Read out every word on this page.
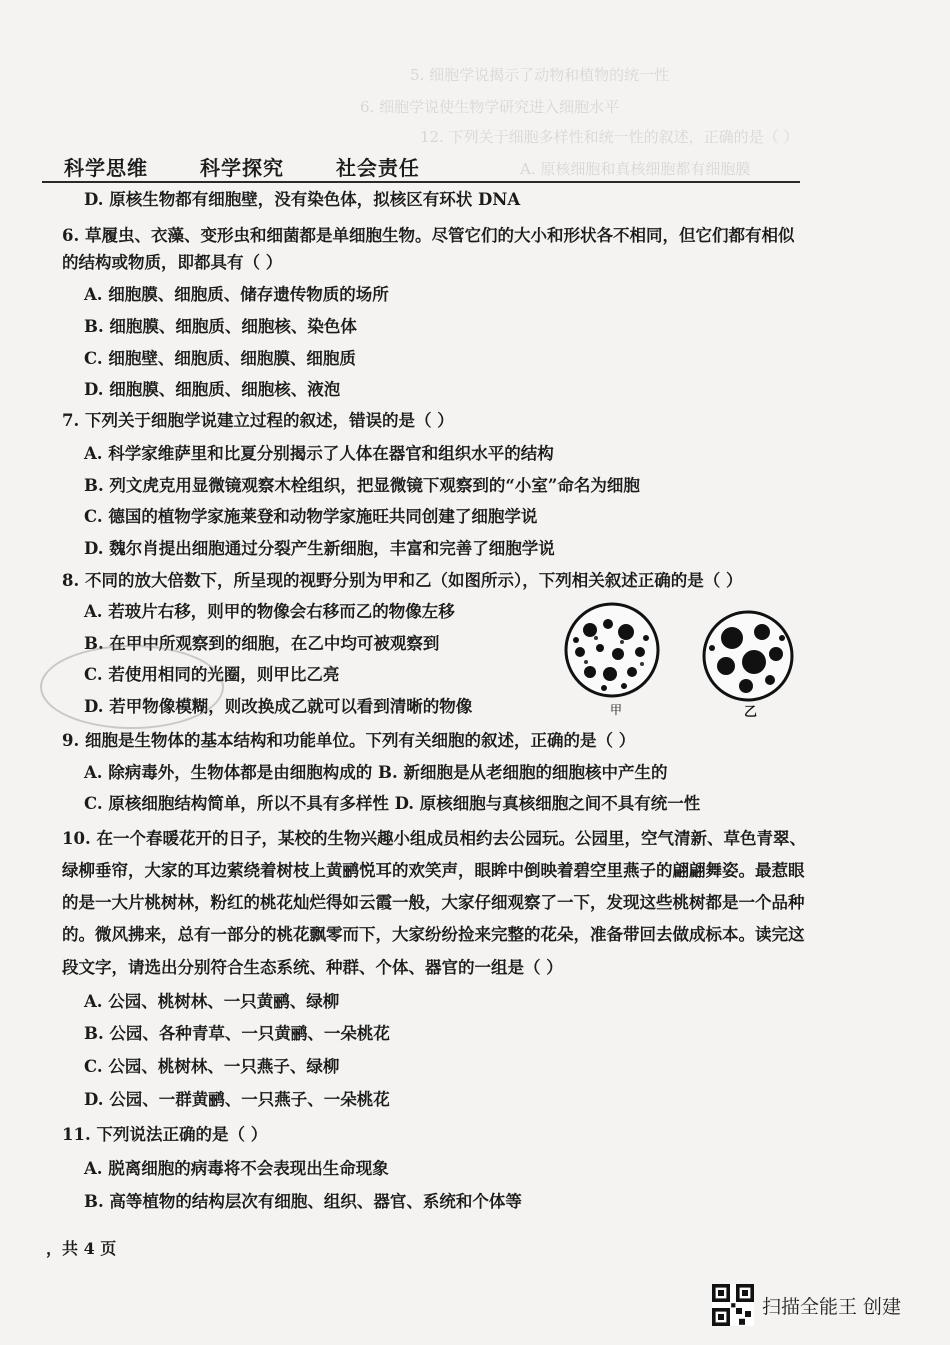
5. 细胞学说揭示了动物和植物的统一性
6. 细胞学说使生物学研究进入细胞水平
12. 下列关于细胞多样性和统一性的叙述，正确的是（ ）
A. 原核细胞和真核细胞都有细胞膜
科学思维	科学探究	社会责任
D. 原核生物都有细胞壁，没有染色体，拟核区有环状 DNA
6. 草履虫、衣藻、变形虫和细菌都是单细胞生物。尽管它们的大小和形状各不相同，但它们都有相似
的结构或物质，即都具有（ ）
A. 细胞膜、细胞质、储存遗传物质的场所
B. 细胞膜、细胞质、细胞核、染色体
C. 细胞壁、细胞质、细胞膜、细胞质
D. 细胞膜、细胞质、细胞核、液泡
7. 下列关于细胞学说建立过程的叙述，错误的是（ ）
A. 科学家维萨里和比夏分别揭示了人体在器官和组织水平的结构
B. 列文虎克用显微镜观察木栓组织，把显微镜下观察到的“小室”命名为细胞
C. 德国的植物学家施莱登和动物学家施旺共同创建了细胞学说
D. 魏尔肖提出细胞通过分裂产生新细胞，丰富和完善了细胞学说
8. 不同的放大倍数下，所呈现的视野分别为甲和乙（如图所示），下列相关叙述正确的是（ ）
A. 若玻片右移，则甲的物像会右移而乙的物像左移
B. 在甲中所观察到的细胞，在乙中均可被观察到
C. 若使用相同的光圈，则甲比乙亮
D. 若甲物像模糊，则改换成乙就可以看到清晰的物像
9. 细胞是生物体的基本结构和功能单位。下列有关细胞的叙述，正确的是（ ）
A. 除病毒外，生物体都是由细胞构成的 B. 新细胞是从老细胞的细胞核中产生的
C. 原核细胞结构简单，所以不具有多样性 D. 原核细胞与真核细胞之间不具有统一性
10. 在一个春暖花开的日子，某校的生物兴趣小组成员相约去公园玩。公园里，空气清新、草色青翠、
绿柳垂帘，大家的耳边萦绕着树枝上黄鹂悦耳的欢笑声，眼眸中倒映着碧空里燕子的翩翩舞姿。最惹眼
的是一大片桃树林，粉红的桃花灿烂得如云霞一般，大家仔细观察了一下，发现这些桃树都是一个品种
的。微风拂来，总有一部分的桃花飘零而下，大家纷纷捡来完整的花朵，准备带回去做成标本。读完这
段文字，请选出分别符合生态系统、种群、个体、器官的一组是（ ）
A. 公园、桃树林、一只黄鹂、绿柳
B. 公园、各种青草、一只黄鹂、一朵桃花
C. 公园、桃树林、一只燕子、绿柳
D. 公园、一群黄鹂、一只燕子、一朵桃花
11. 下列说法正确的是（ ）
A. 脱离细胞的病毒将不会表现出生命现象
B. 高等植物的结构层次有细胞、组织、器官、系统和个体等
甲	乙
，共 4 页
扫描全能王 创建
